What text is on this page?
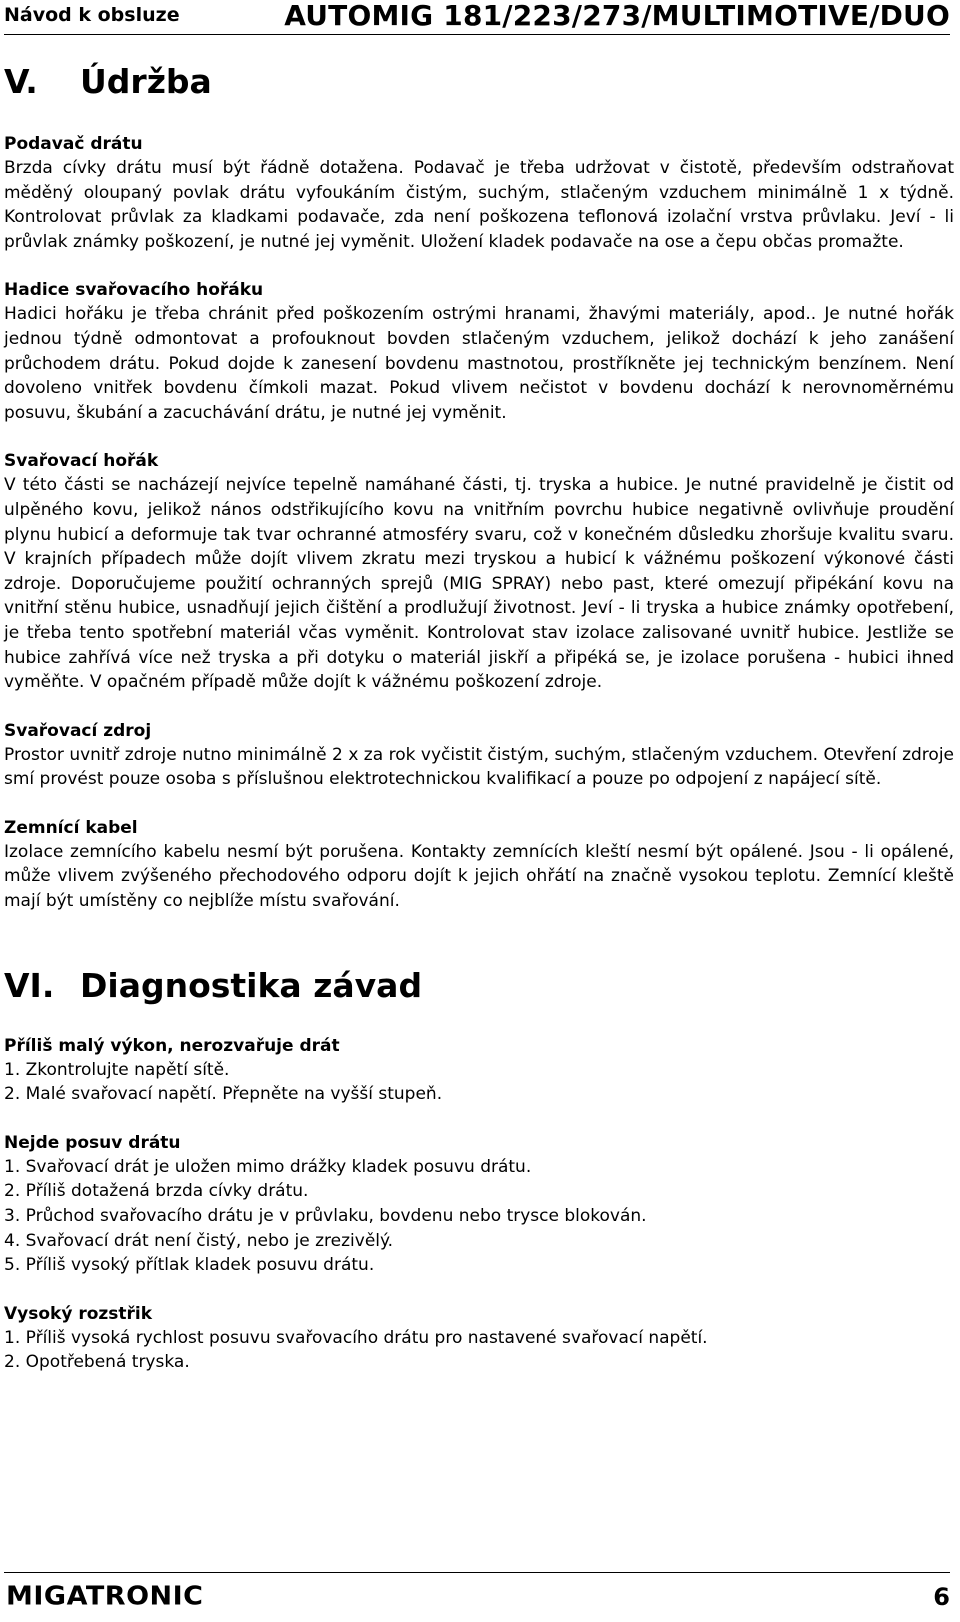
Návod k obsluze	AUTOMIG 181/223/273/MULTIMOTIVE/DUO
V. Údržba

Podavač drátu

Brzda cívky drátu musí být řádně dotažena. Podavač je třeba udržovat v čistotě, především odstraňovat měděný oloupaný povlak drátu vyfoukáním čistým, suchým, stlačeným vzduchem minimálně 1 x týdně. Kontrolovat průvlak za kladkami podavače, zda není poškozena teflonová izolační vrstva průvlaku. Jeví - li průvlak známky poškození, je nutné jej vyměnit. Uložení kladek podavače na ose a čepu občas promažte.

Hadice svařovacího hořáku

Hadici hořáku je třeba chránit před poškozením ostrými hranami, žhavými materiály, apod.. Je nutné hořák jednou týdně odmontovat a profouknout bovden stlačeným vzduchem, jelikož dochází k jeho zanášení průchodem drátu. Pokud dojde k zanesení bovdenu mastnotou, prostříkněte jej technickým benzínem. Není dovoleno vnitřek bovdenu čímkoli mazat. Pokud vlivem nečistot v bovdenu dochází k nerovnoměrnému posuvu, škubání a zacuchávání drátu, je nutné jej vyměnit.

Svařovací hořák

V této části se nacházejí nejvíce tepelně namáhané části, tj. tryska a hubice. Je nutné pravidelně je čistit od ulpěného kovu, jelikož nános odstřikujícího kovu na vnitřním povrchu hubice negativně ovlivňuje proudění plynu hubicí a deformuje tak tvar ochranné atmosféry svaru, což v konečném důsledku zhoršuje kvalitu svaru. V krajních případech může dojít vlivem zkratu mezi tryskou a hubicí k vážnému poškození výkonové části zdroje. Doporučujeme použití ochranných sprejů (MIG SPRAY) nebo past, které omezují připékání kovu na vnitřní stěnu hubice, usnadňují jejich čištění a prodlužují životnost. Jeví - li tryska a hubice známky opotřebení, je třeba tento spotřební materiál včas vyměnit. Kontrolovat stav izolace zalisované uvnitř hubice. Jestliže se hubice zahřívá více než tryska a při dotyku o materiál jiskří a připéká se, je izolace porušena - hubici ihned vyměňte. V opačném případě může dojít k vážnému poškození zdroje.

Svařovací zdroj

Prostor uvnitř zdroje nutno minimálně 2 x za rok vyčistit čistým, suchým, stlačeným vzduchem. Otevření zdroje smí provést pouze osoba s příslušnou elektrotechnickou kvalifikací a pouze po odpojení z napájecí sítě.

Zemnící kabel

Izolace zemnícího kabelu nesmí být porušena. Kontakty zemnících kleští nesmí být opálené. Jsou - li opálené, může vlivem zvýšeného přechodového odporu dojít k jejich ohřátí na značně vysokou teplotu. Zemnící kleště mají být umístěny co nejblíže místu svařování.

VI. Diagnostika závad

Příliš malý výkon, nerozvařuje drát

1. Zkontrolujte napětí sítě.

2. Malé svařovací napětí. Přepněte na vyšší stupeň.

Nejde posuv drátu

1. Svařovací drát je uložen mimo drážky kladek posuvu drátu.

2. Příliš dotažená brzda cívky drátu.

3. Průchod svařovacího drátu je v průvlaku, bovdenu nebo trysce blokován.

4. Svařovací drát není čistý, nebo je zrezivělý.

5. Příliš vysoký přítlak kladek posuvu drátu.

Vysoký rozstřik

1. Příliš vysoká rychlost posuvu svařovacího drátu pro nastavené svařovací napětí.

2. Opotřebená tryska.

MIGATRONIC	6
